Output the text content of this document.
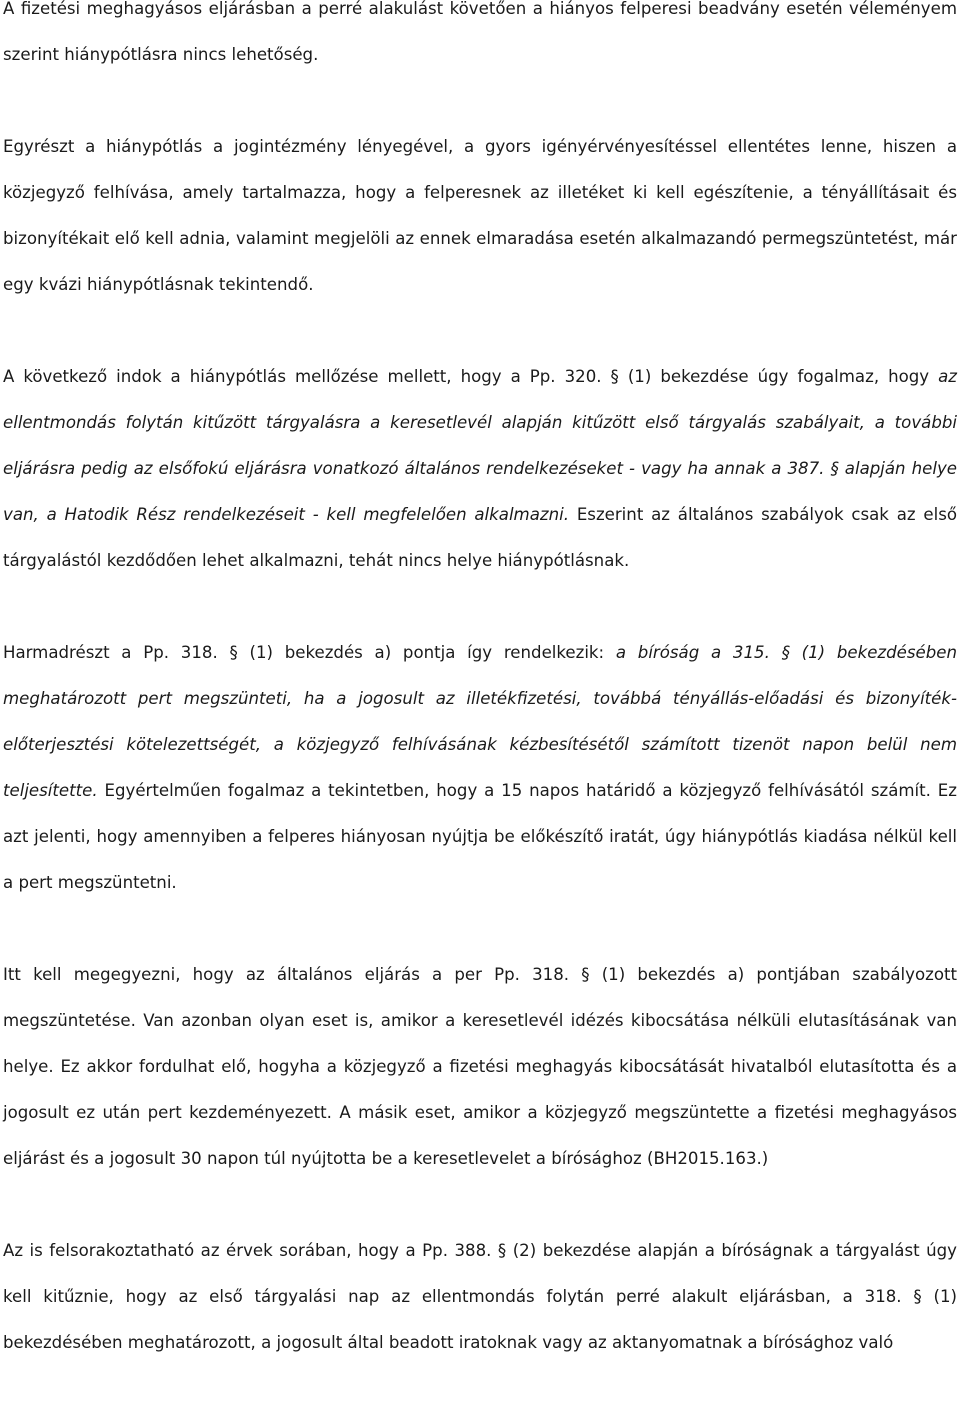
A fizetési meghagyásos eljárásban a perré alakulást követően a hiányos felperesi beadvány esetén véleményem szerint hiánypótlásra nincs lehetőség.

Egyrészt a hiánypótlás a jogintézmény lényegével, a gyors igényérvényesítéssel ellentétes lenne, hiszen a közjegyző felhívása, amely tartalmazza, hogy a felperesnek az illetéket ki kell egészítenie, a tényállításait és bizonyítékait elő kell adnia, valamint megjelöli az ennek elmaradása esetén alkalmazandó permegszüntetést, már egy kvázi hiánypótlásnak tekintendő.

A következő indok a hiánypótlás mellőzése mellett, hogy a Pp. 320. § (1) bekezdése úgy fogalmaz, hogy az ellentmondás folytán kitűzött tárgyalásra a keresetlevél alapján kitűzött első tárgyalás szabályait, a további eljárásra pedig az elsőfokú eljárásra vonatkozó általános rendelkezéseket - vagy ha annak a 387. § alapján helye van, a Hatodik Rész rendelkezéseit - kell megfelelően alkalmazni. Eszerint az általános szabályok csak az első tárgyalástól kezdődően lehet alkalmazni, tehát nincs helye hiánypótlásnak.

Harmadrészt a Pp. 318. § (1) bekezdés a) pontja így rendelkezik: a bíróság a 315. § (1) bekezdésében meghatározott pert megszünteti, ha a jogosult az illetékfizetési, továbbá tényállás-előadási és bizonyíték-előterjesztési kötelezettségét, a közjegyző felhívásának kézbesítésétől számított tizenöt napon belül nem teljesítette. Egyértelműen fogalmaz a tekintetben, hogy a 15 napos határidő a közjegyző felhívásától számít. Ez azt jelenti, hogy amennyiben a felperes hiányosan nyújtja be előkészítő iratát, úgy hiánypótlás kiadása nélkül kell a pert megszüntetni.

Itt kell megegyezni, hogy az általános eljárás a per Pp. 318. § (1) bekezdés a) pontjában szabályozott megszüntetése. Van azonban olyan eset is, amikor a keresetlevél idézés kibocsátása nélküli elutasításának van helye. Ez akkor fordulhat elő, hogyha a közjegyző a fizetési meghagyás kibocsátását hivatalból elutasította és a jogosult ez után pert kezdeményezett. A másik eset, amikor a közjegyző megszüntette a fizetési meghagyásos eljárást és a jogosult 30 napon túl nyújtotta be a keresetlevelet a bírósághoz (BH2015.163.)

Az is felsorakoztatható az érvek sorában, hogy a Pp. 388. § (2) bekezdése alapján a bíróságnak a tárgyalást úgy kell kitűznie, hogy az első tárgyalási nap az ellentmondás folytán perré alakult eljárásban, a 318. § (1) bekezdésében meghatározott, a jogosult által beadott iratoknak vagy az aktanyomatnak a bírósághoz való
